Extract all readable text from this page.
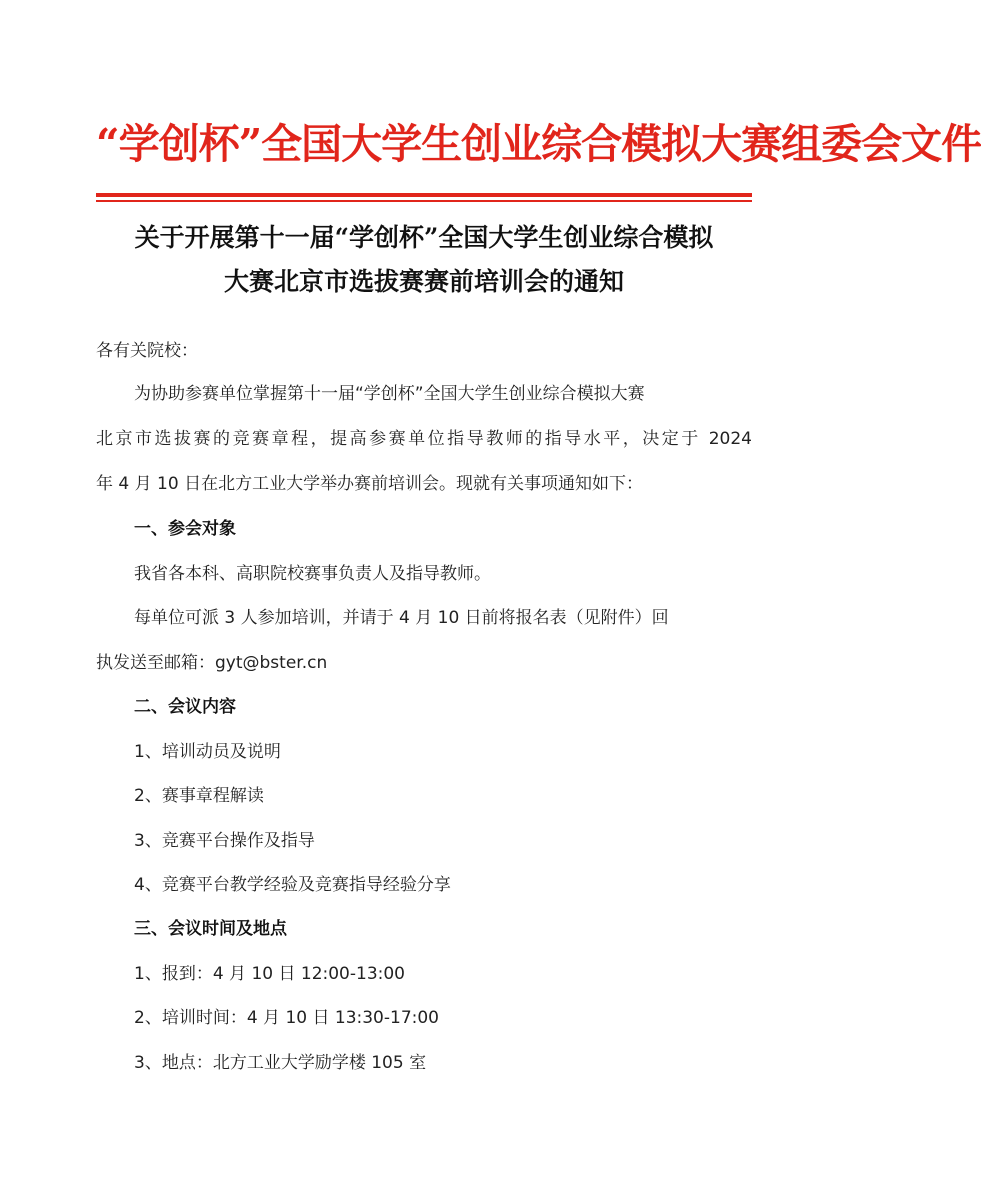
“学创杯”全国大学生创业综合模拟大赛组委会文件
关于开展第十一届“学创杯”全国大学生创业综合模拟
大赛北京市选拔赛赛前培训会的通知
各有关院校：
为协助参赛单位掌握第十一届“学创杯”全国大学生创业综合模拟大赛
北京市选拔赛的竞赛章程，提高参赛单位指导教师的指导水平，决定于 2024
年 4 月 10 日在北方工业大学举办赛前培训会。现就有关事项通知如下：
一、参会对象
我省各本科、高职院校赛事负责人及指导教师。
每单位可派 3 人参加培训，并请于 4 月 10 日前将报名表（见附件）回
执发送至邮箱：gyt@bster.cn
二、会议内容
1、培训动员及说明
2、赛事章程解读
3、竞赛平台操作及指导
4、竞赛平台教学经验及竞赛指导经验分享
三、会议时间及地点
1、报到：4 月 10 日 12:00-13:00
2、培训时间：4 月 10 日 13:30-17:00
3、地点：北方工业大学励学楼 105 室
